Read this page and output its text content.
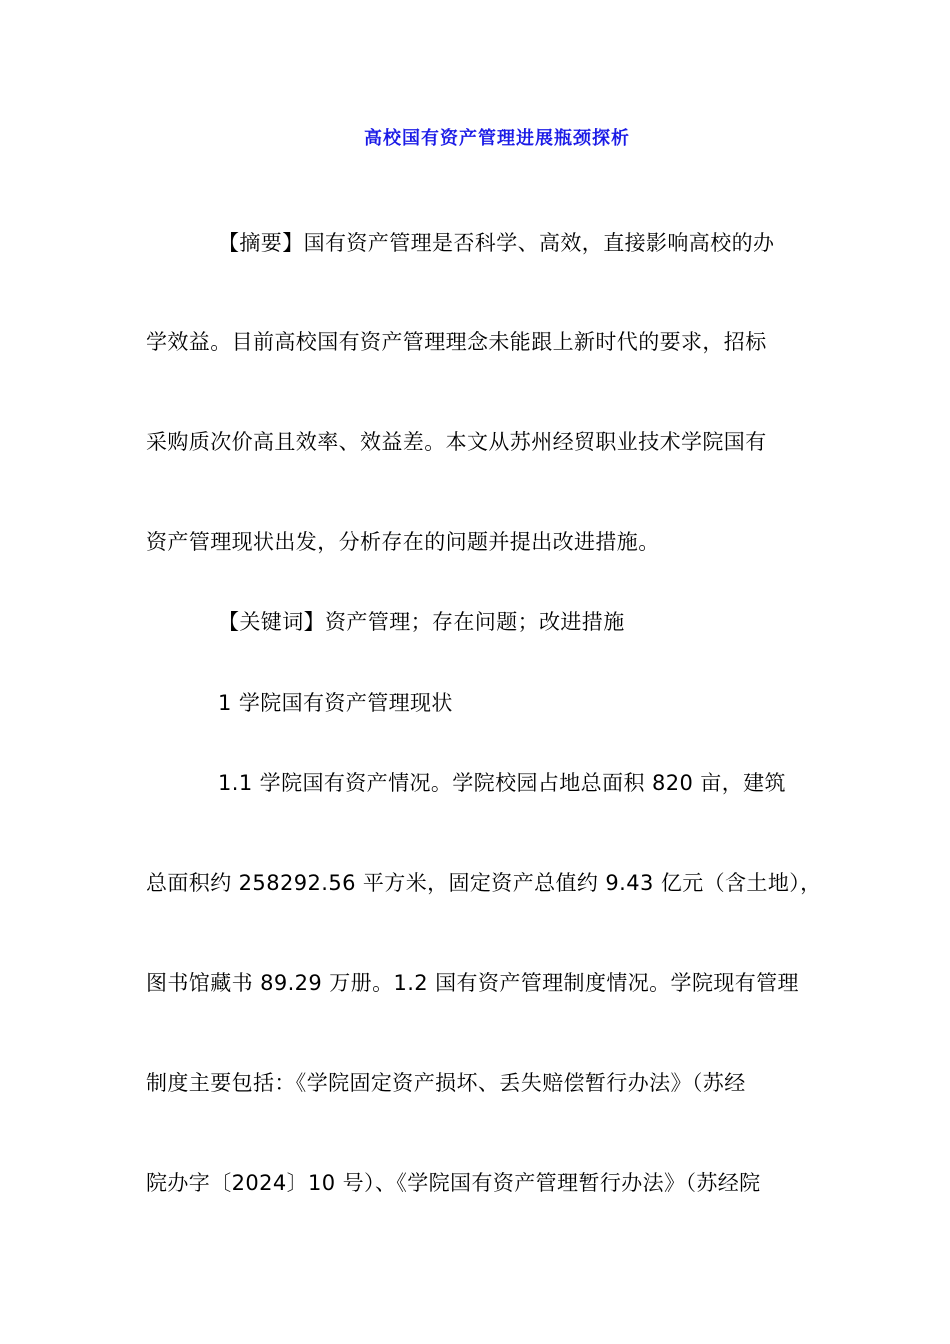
高校国有资产管理进展瓶颈探析
【摘要】国有资产管理是否科学、高效，直接影响高校的办
学效益。目前高校国有资产管理理念未能跟上新时代的要求，招标
采购质次价高且效率、效益差。本文从苏州经贸职业技术学院国有
资产管理现状出发，分析存在的问题并提出改进措施。
【关键词】资产管理；存在问题；改进措施
1 学院国有资产管理现状
1.1 学院国有资产情况。学院校园占地总面积 820 亩，建筑
总面积约 258292.56 平方米，固定资产总值约 9.43 亿元（含土地），
图书馆藏书 89.29 万册。1.2 国有资产管理制度情况。学院现有管理
制度主要包括：《学院固定资产损坏、丢失赔偿暂行办法》（苏经
院办字〔2024〕10 号）、《学院国有资产管理暂行办法》（苏经院
